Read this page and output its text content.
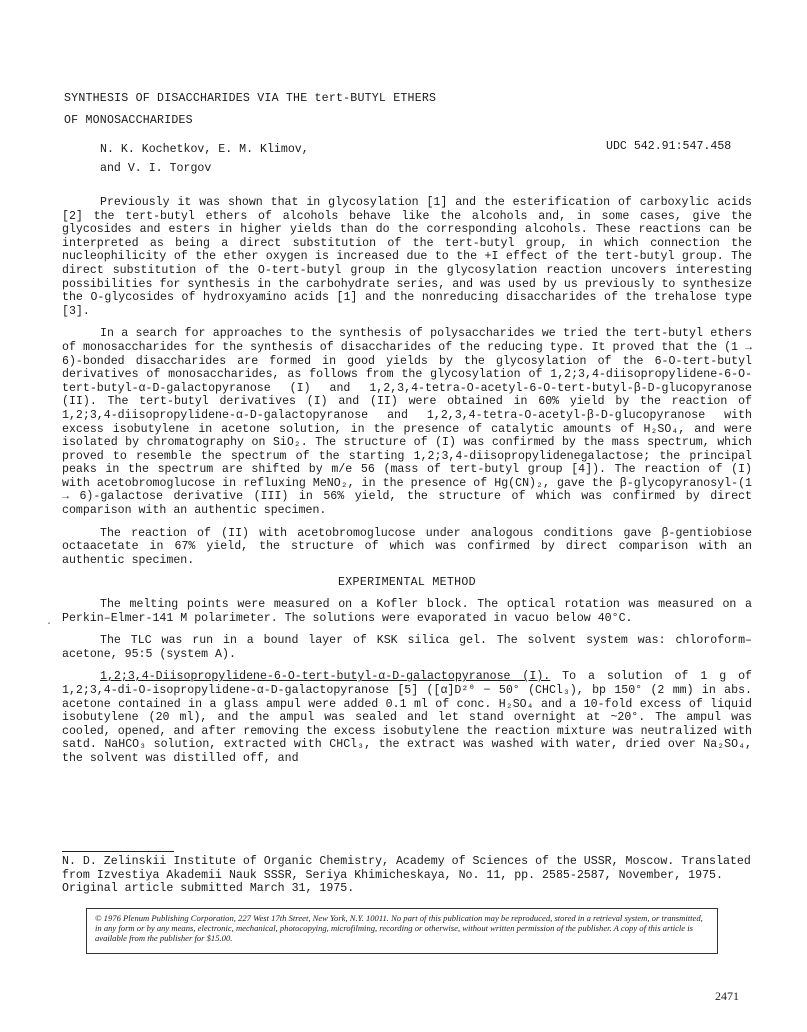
SYNTHESIS OF DISACCHARIDES VIA THE tert-BUTYL ETHERS
OF MONOSACCHARIDES
N. K. Kochetkov, E. M. Klimov,
and V. I. Torgov
UDC 542.91:547.458

Previously it was shown that in glycosylation [1] and the esterification of carboxylic acids [2] the tert-butyl ethers of alcohols behave like the alcohols and, in some cases, give the glycosides and esters in higher yields than do the corresponding alcohols. These reactions can be interpreted as being a direct substitution of the tert-butyl group, in which connection the nucleophilicity of the ether oxygen is increased due to the +I effect of the tert-butyl group. The direct substitution of the O-tert-butyl group in the glycosylation reaction uncovers interesting possibilities for synthesis in the carbohydrate series, and was used by us previously to synthesize the O-glycosides of hydroxyamino acids [1] and the nonreducing disaccharides of the trehalose type [3].

In a search for approaches to the synthesis of polysaccharides we tried the tert-butyl ethers of monosaccharides for the synthesis of disaccharides of the reducing type. It proved that the (1 → 6)-bonded disaccharides are formed in good yields by the glycosylation of the 6-O-tert-butyl derivatives of monosaccharides, as follows from the glycosylation of 1,2;3,4-diisopropylidene-6-O-tert-butyl-α-D-galactopyranose (I) and 1,2,3,4-tetra-O-acetyl-6-O-tert-butyl-β-D-glucopyranose (II). The tert-butyl derivatives (I) and (II) were obtained in 60% yield by the reaction of 1,2;3,4-diisopropylidene-α-D-galactopyranose and 1,2,3,4-tetra-O-acetyl-β-D-glucopyranose with excess isobutylene in acetone solution, in the presence of catalytic amounts of H₂SO₄, and were isolated by chromatography on SiO₂. The structure of (I) was confirmed by the mass spectrum, which proved to resemble the spectrum of the starting 1,2;3,4-diisopropylidenegalactose; the principal peaks in the spectrum are shifted by m/e 56 (mass of tert-butyl group [4]). The reaction of (I) with acetobromoglucose in refluxing MeNO₂, in the presence of Hg(CN)₂, gave the β-glycopyranosyl-(1 → 6)-galactose derivative (III) in 56% yield, the structure of which was confirmed by direct comparison with an authentic specimen.

The reaction of (II) with acetobromoglucose under analogous conditions gave β-gentiobiose octaacetate in 67% yield, the structure of which was confirmed by direct comparison with an authentic specimen.

EXPERIMENTAL METHOD

The melting points were measured on a Kofler block. The optical rotation was measured on a Perkin–Elmer-141 M polarimeter. The solutions were evaporated in vacuo below 40°C.

The TLC was run in a bound layer of KSK silica gel. The solvent system was: chloroform–acetone, 95:5 (system A).

1,2;3,4-Diisopropylidene-6-O-tert-butyl-α-D-galactopyranose (I). To a solution of 1 g of 1,2;3,4-di-O-isopropylidene-α-D-galactopyranose [5] ([α]D²⁰ − 50° (CHCl₃), bp 150° (2 mm) in abs. acetone contained in a glass ampul were added 0.1 ml of conc. H₂SO₄ and a 10-fold excess of liquid isobutylene (20 ml), and the ampul was sealed and let stand overnight at ~20°. The ampul was cooled, opened, and after removing the excess isobutylene the reaction mixture was neutralized with satd. NaHCO₃ solution, extracted with CHCl₃, the extract was washed with water, dried over Na₂SO₄, the solvent was distilled off, and

.
N. D. Zelinskii Institute of Organic Chemistry, Academy of Sciences of the USSR, Moscow. Translated from Izvestiya Akademii Nauk SSSR, Seriya Khimicheskaya, No. 11, pp. 2585-2587, November, 1975. Original article submitted March 31, 1975.
© 1976 Plenum Publishing Corporation, 227 West 17th Street, New York, N.Y. 10011. No part of this publication may be reproduced, stored in a retrieval system, or transmitted, in any form or by any means, electronic, mechanical, photocopying, microfilming, recording or otherwise, without written permission of the publisher. A copy of this article is available from the publisher for $15.00.
2471
